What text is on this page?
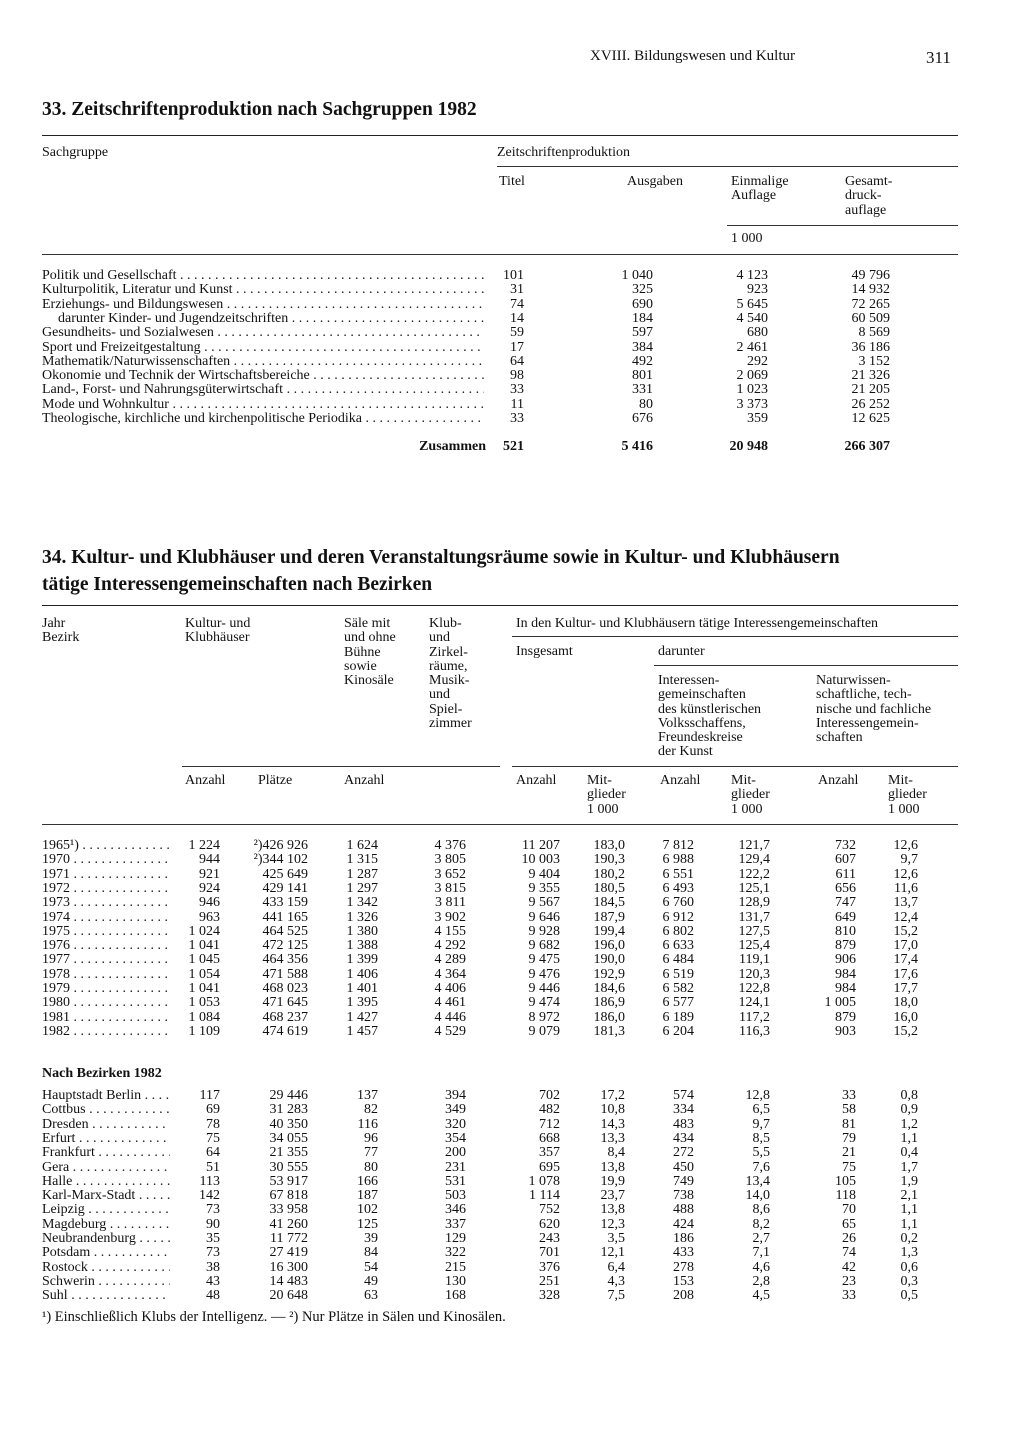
XVIII. Bildungswesen und Kultur	311
33. Zeitschriftenproduktion nach Sachgruppen 1982
Sachgruppe	Zeitschriftenproduktion
Titel	Ausgaben	Einmalige
Auflage
Gesamt-
druck-
auflage
1 000
Politik und Gesellschaft . . .	101	1 040	4 123	49 796
Kulturpolitik, Literatur und Kunst . . .	31	325	923	14 932
Erziehungs- und Bildungswesen . . .	74	690	5 645	72 265
darunter Kinder- und Jugendzeitschriften . . .	14	184	4 540	60 509
Gesundheits- und Sozialwesen . . .	59	597	680	8 569
Sport und Freizeitgestaltung . . .	17	384	2 461	36 186
Mathematik/Naturwissenschaften . . .	64	492	292	3 152
Ökonomie und Technik der Wirtschaftsbereiche . . .	98	801	2 069	21 326
Land-, Forst- und Nahrungsgüterwirtschaft . . .	33	331	1 023	21 205
Mode und Wohnkultur . . .	11	80	3 373	26 252
Theologische, kirchliche und kirchenpolitische Periodika . . .	33	676	359	12 625
Zusammen	521	5 416	20 948	266 307
34. Kultur- und Klubhäuser und deren Veranstaltungsräume sowie in Kultur- und Klubhäusern
tätige Interessengemeinschaften nach Bezirken
Jahr
Bezirk
Kultur- und
Klubhäuser
Säle mit
und ohne
Bühne
sowie
Kinosäle
Klub-
und
Zirkel-
räume,
Musik-
und
Spiel-
zimmer
In den Kultur- und Klubhäusern tätige Interessengemeinschaften
Insgesamt	darunter
Interessen-
gemeinschaften
des künstlerischen
Volksschaffens,
Freundeskreise
der Kunst
Naturwissen-
schaftliche, tech-
nische und fachliche
Interessengemein-
schaften
Anzahl Plätze	Anzahl	Anzahl Mit-
glieder
1 000
Anzahl Mit-
glieder
1 000
Anzahl Mit-
glieder
1 000
1965¹) . . .	1 224	²)426 926	1 624	4 376	11 207	183,0	7 812	121,7	732	12,6
1970 . . .	944	²)344 102	1 315	3 805	10 003	190,3	6 988	129,4	607	9,7
1971 . . .	921	425 649	1 287	3 652	9 404	180,2	6 551	122,2	611	12,6
1972 . . .	924	429 141	1 297	3 815	9 355	180,5	6 493	125,1	656	11,6
1973 . . .	946	433 159	1 342	3 811	9 567	184,5	6 760	128,9	747	13,7
1974 . . .	963	441 165	1 326	3 902	9 646	187,9	6 912	131,7	649	12,4
1975 . . .	1 024	464 525	1 380	4 155	9 928	199,4	6 802	127,5	810	15,2
1976 . . .	1 041	472 125	1 388	4 292	9 682	196,0	6 633	125,4	879	17,0
1977 . . .	1 045	464 356	1 399	4 289	9 475	190,0	6 484	119,1	906	17,4
1978 . . .	1 054	471 588	1 406	4 364	9 476	192,9	6 519	120,3	984	17,6
1979 . . .	1 041	468 023	1 401	4 406	9 446	184,6	6 582	122,8	984	17,7
1980 . . .	1 053	471 645	1 395	4 461	9 474	186,9	6 577	124,1	1 005	18,0
1981 . . .	1 084	468 237	1 427	4 446	8 972	186,0	6 189	117,2	879	16,0
1982 . . .	1 109	474 619	1 457	4 529	9 079	181,3	6 204	116,3	903	15,2
Nach Bezirken 1982
Hauptstadt Berlin . . .	117	29 446	137	394	702	17,2	574	12,8	33	0,8
Cottbus . . .	69	31 283	82	349	482	10,8	334	6,5	58	0,9
Dresden . . .	78	40 350	116	320	712	14,3	483	9,7	81	1,2
Erfurt . . .	75	34 055	96	354	668	13,3	434	8,5	79	1,1
Frankfurt . . .	64	21 355	77	200	357	8,4	272	5,5	21	0,4
Gera . . .	51	30 555	80	231	695	13,8	450	7,6	75	1,7
Halle . . .	113	53 917	166	531	1 078	19,9	749	13,4	105	1,9
Karl-Marx-Stadt . . .	142	67 818	187	503	1 114	23,7	738	14,0	118	2,1
Leipzig . . .	73	33 958	102	346	752	13,8	488	8,6	70	1,1
Magdeburg . . .	90	41 260	125	337	620	12,3	424	8,2	65	1,1
Neubrandenburg . . .	35	11 772	39	129	243	3,5	186	2,7	26	0,2
Potsdam . . .	73	27 419	84	322	701	12,1	433	7,1	74	1,3
Rostock . . .	38	16 300	54	215	376	6,4	278	4,6	42	0,6
Schwerin . . .	43	14 483	49	130	251	4,3	153	2,8	23	0,3
Suhl . . .	48	20 648	63	168	328	7,5	208	4,5	33	0,5
¹) Einschließlich Klubs der Intelligenz. — ²) Nur Plätze in Sälen und Kinosälen.
